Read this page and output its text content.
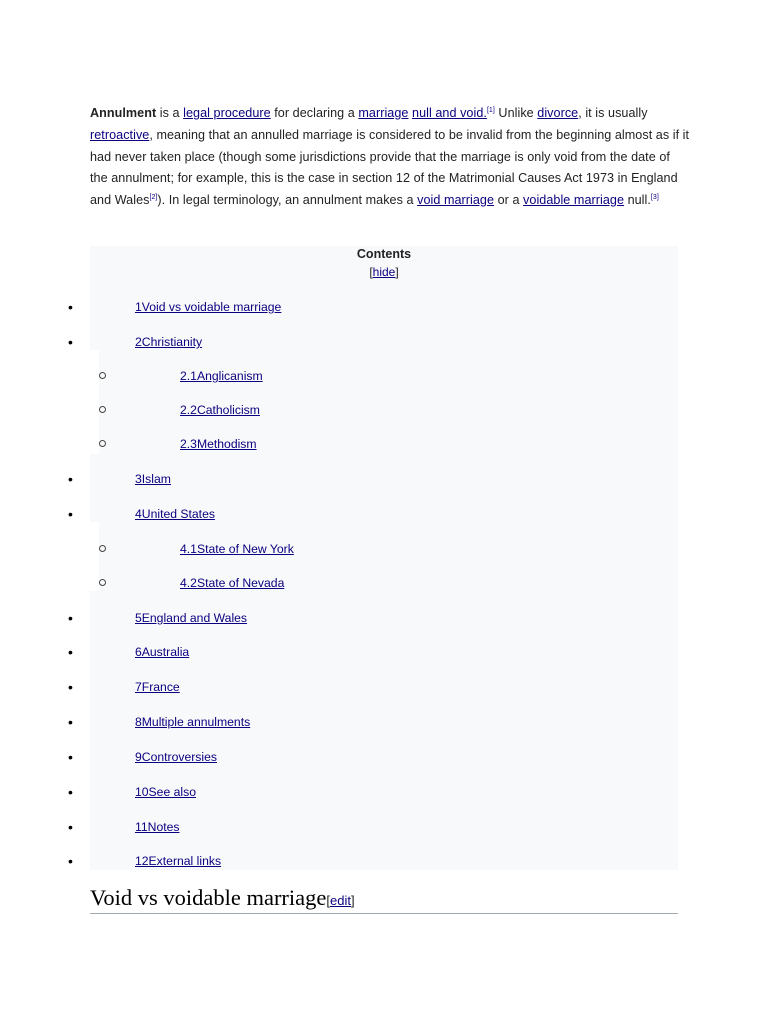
Annulment is a legal procedure for declaring a marriage null and void.[1] Unlike divorce, it is usually retroactive, meaning that an annulled marriage is considered to be invalid from the beginning almost as if it had never taken place (though some jurisdictions provide that the marriage is only void from the date of the annulment; for example, this is the case in section 12 of the Matrimonial Causes Act 1973 in England and Wales[2]). In legal terminology, an annulment makes a void marriage or a voidable marriage null.[3]
Contents
[hide]
•	1Void vs voidable marriage
•	2Christianity
2.1Anglicanism
2.2Catholicism
2.3Methodism
•	3Islam
•	4United States
4.1State of New York
4.2State of Nevada
•	5England and Wales
•	6Australia
•	7France
•	8Multiple annulments
•	9Controversies
•	10See also
•	11Notes
•	12External links
Void vs voidable marriage[edit]
